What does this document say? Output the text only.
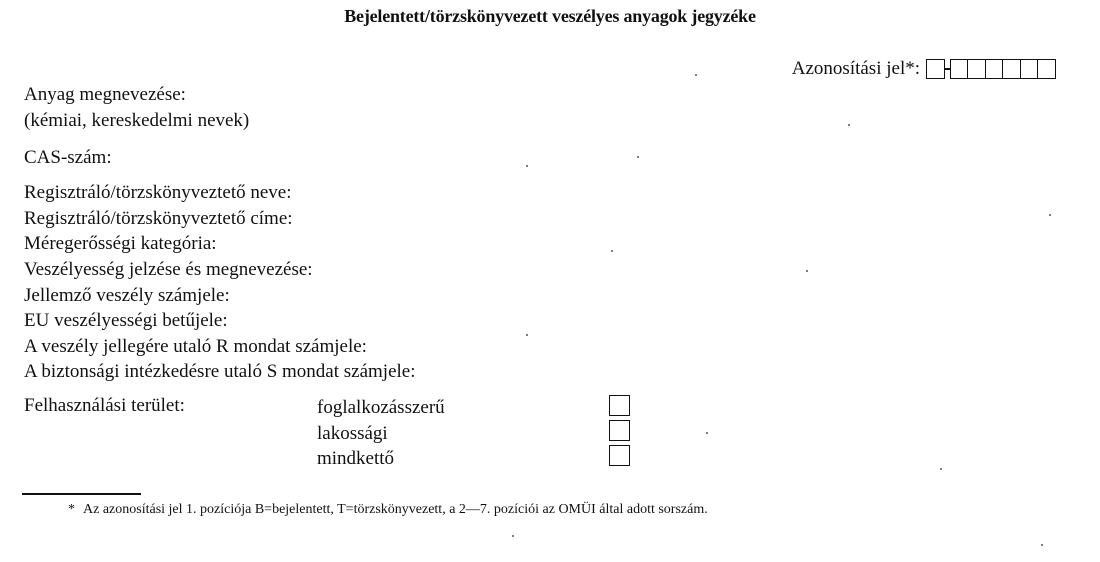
Bejelentett/törzskönyvezett veszélyes anyagok jegyzéke
Azonosítási jel*:
Anyag megnevezése:
(kémiai, kereskedelmi nevek)
CAS-szám:
Regisztráló/törzskönyveztető neve:
Regisztráló/törzskönyveztető címe:
Méregerősségi kategória:
Veszélyesség jelzése és megnevezése:
Jellemző veszély számjele:
EU veszélyességi betűjele:
A veszély jellegére utaló R mondat számjele:
A biztonsági intézkedésre utaló S mondat számjele:
Felhasználási terület:	foglalkozásszerű
lakossági
mindkettő
* Az azonosítási jel 1. pozíciója B=bejelentett, T=törzskönyvezett, a 2—7. pozíciói az OMÜI által adott sorszám.
